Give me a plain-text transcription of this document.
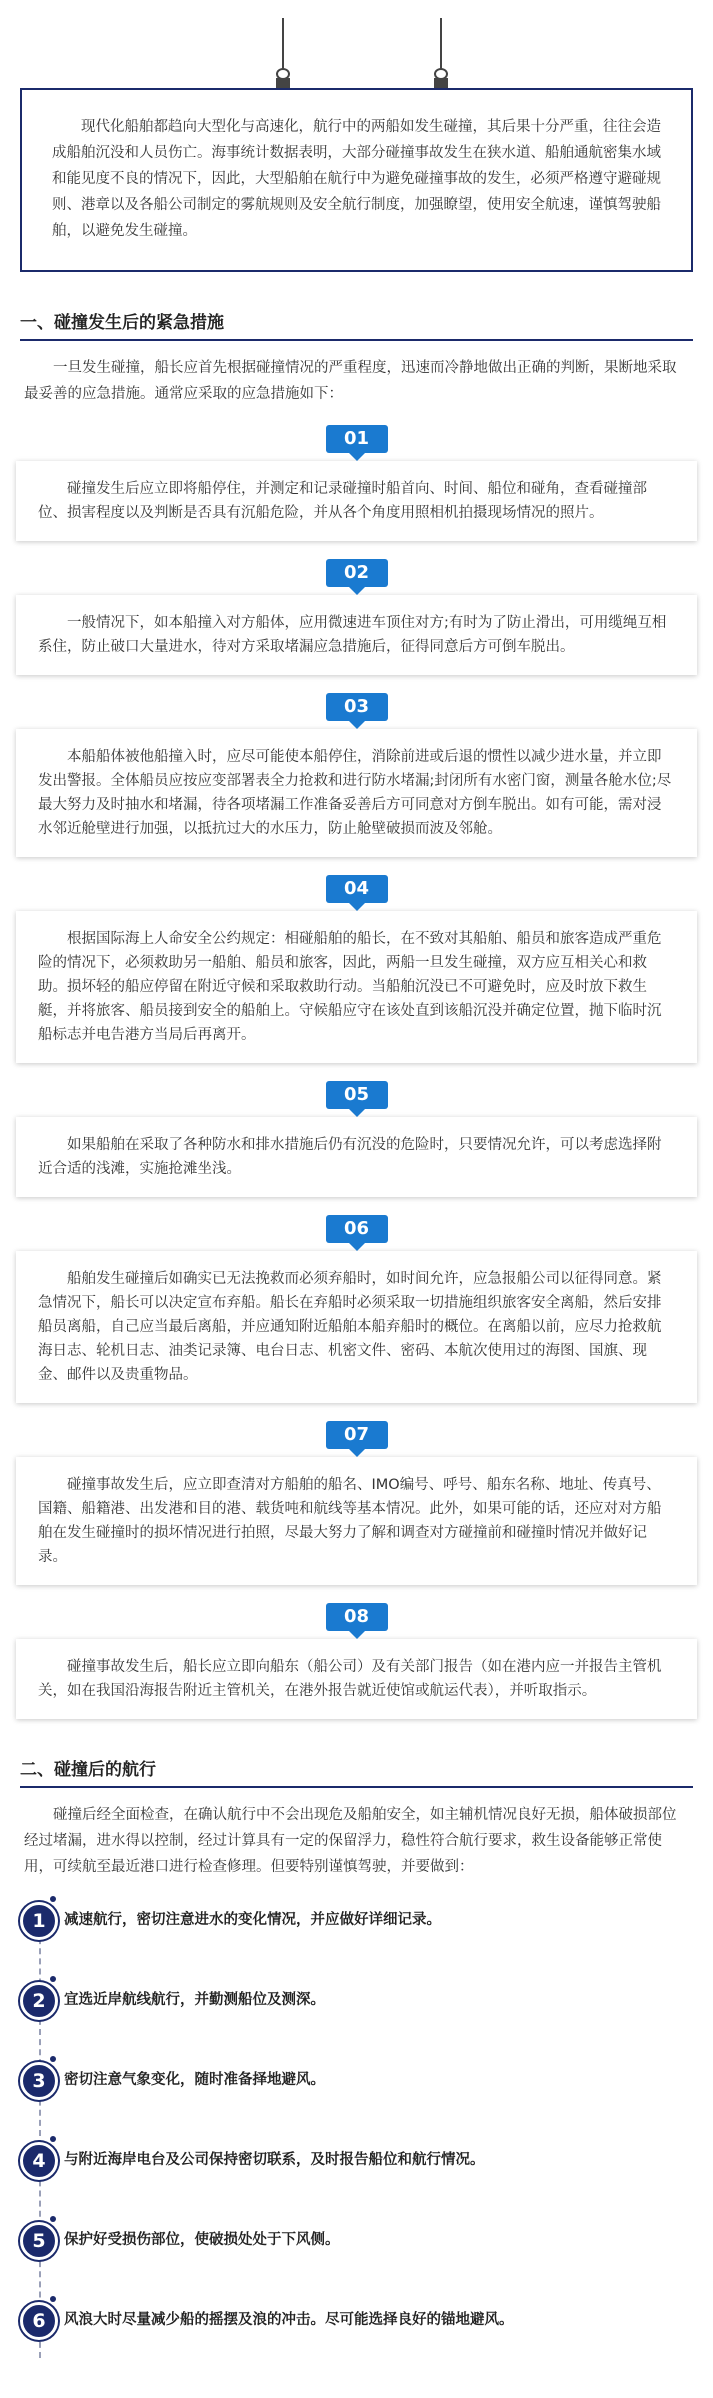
现代化船舶都趋向大型化与高速化，航行中的两船如发生碰撞，其后果十分严重，往往会造成船舶沉没和人员伤亡。海事统计数据表明，大部分碰撞事故发生在狭水道、船舶通航密集水域和能见度不良的情况下，因此，大型船舶在航行中为避免碰撞事故的发生，必须严格遵守避碰规则、港章以及各船公司制定的雾航规则及安全航行制度，加强瞭望，使用安全航速，谨慎驾驶船舶，以避免发生碰撞。
一、碰撞发生后的紧急措施
一旦发生碰撞，船长应首先根据碰撞情况的严重程度，迅速而冷静地做出正确的判断，果断地采取最妥善的应急措施。通常应采取的应急措施如下：
01
碰撞发生后应立即将船停住，并测定和记录碰撞时船首向、时间、船位和碰角，查看碰撞部位、损害程度以及判断是否具有沉船危险，并从各个角度用照相机拍摄现场情况的照片。
02
一般情况下，如本船撞入对方船体，应用微速进车顶住对方;有时为了防止滑出，可用缆绳互相系住，防止破口大量进水，待对方采取堵漏应急措施后，征得同意后方可倒车脱出。
03
本船船体被他船撞入时，应尽可能使本船停住，消除前进或后退的惯性以减少进水量，并立即发出警报。全体船员应按应变部署表全力抢救和进行防水堵漏;封闭所有水密门窗，测量各舱水位;尽最大努力及时抽水和堵漏，待各项堵漏工作准备妥善后方可同意对方倒车脱出。如有可能，需对浸水邻近舱壁进行加强，以抵抗过大的水压力，防止舱壁破损而波及邻舱。
04
根据国际海上人命安全公约规定：相碰船舶的船长，在不致对其船舶、船员和旅客造成严重危险的情况下，必须救助另一船舶、船员和旅客，因此，两船一旦发生碰撞，双方应互相关心和救助。损坏轻的船应停留在附近守候和采取救助行动。当船舶沉没已不可避免时，应及时放下救生艇，并将旅客、船员接到安全的船舶上。守候船应守在该处直到该船沉没并确定位置，抛下临时沉船标志并电告港方当局后再离开。
05
如果船舶在采取了各种防水和排水措施后仍有沉没的危险时，只要情况允许，可以考虑选择附近合适的浅滩，实施抢滩坐浅。
06
船舶发生碰撞后如确实已无法挽救而必须弃船时，如时间允许，应急报船公司以征得同意。紧急情况下，船长可以决定宣布弃船。船长在弃船时必须采取一切措施组织旅客安全离船，然后安排船员离船，自己应当最后离船，并应通知附近船舶本船弃船时的概位。在离船以前，应尽力抢救航海日志、轮机日志、油类记录簿、电台日志、机密文件、密码、本航次使用过的海图、国旗、现金、邮件以及贵重物品。
07
碰撞事故发生后，应立即查清对方船舶的船名、IMO编号、呼号、船东名称、地址、传真号、国籍、船籍港、出发港和目的港、载货吨和航线等基本情况。此外，如果可能的话，还应对对方船舶在发生碰撞时的损坏情况进行拍照，尽最大努力了解和调查对方碰撞前和碰撞时情况并做好记录。
08
碰撞事故发生后，船长应立即向船东（船公司）及有关部门报告（如在港内应一并报告主管机关，如在我国沿海报告附近主管机关，在港外报告就近使馆或航运代表），并听取指示。
二、碰撞后的航行
碰撞后经全面检查，在确认航行中不会出现危及船舶安全，如主辅机情况良好无损，船体破损部位经过堵漏，进水得以控制，经过计算具有一定的保留浮力，稳性符合航行要求，救生设备能够正常使用，可续航至最近港口进行检查修理。但要特别谨慎驾驶，并要做到：
1	减速航行，密切注意进水的变化情况，并应做好详细记录。
2	宜选近岸航线航行，并勤测船位及测深。
3	密切注意气象变化，随时准备择地避风。
4	与附近海岸电台及公司保持密切联系，及时报告船位和航行情况。
5	保护好受损伤部位，使破损处处于下风侧。
6	风浪大时尽量减少船的摇摆及浪的冲击。尽可能选择良好的锚地避风。
